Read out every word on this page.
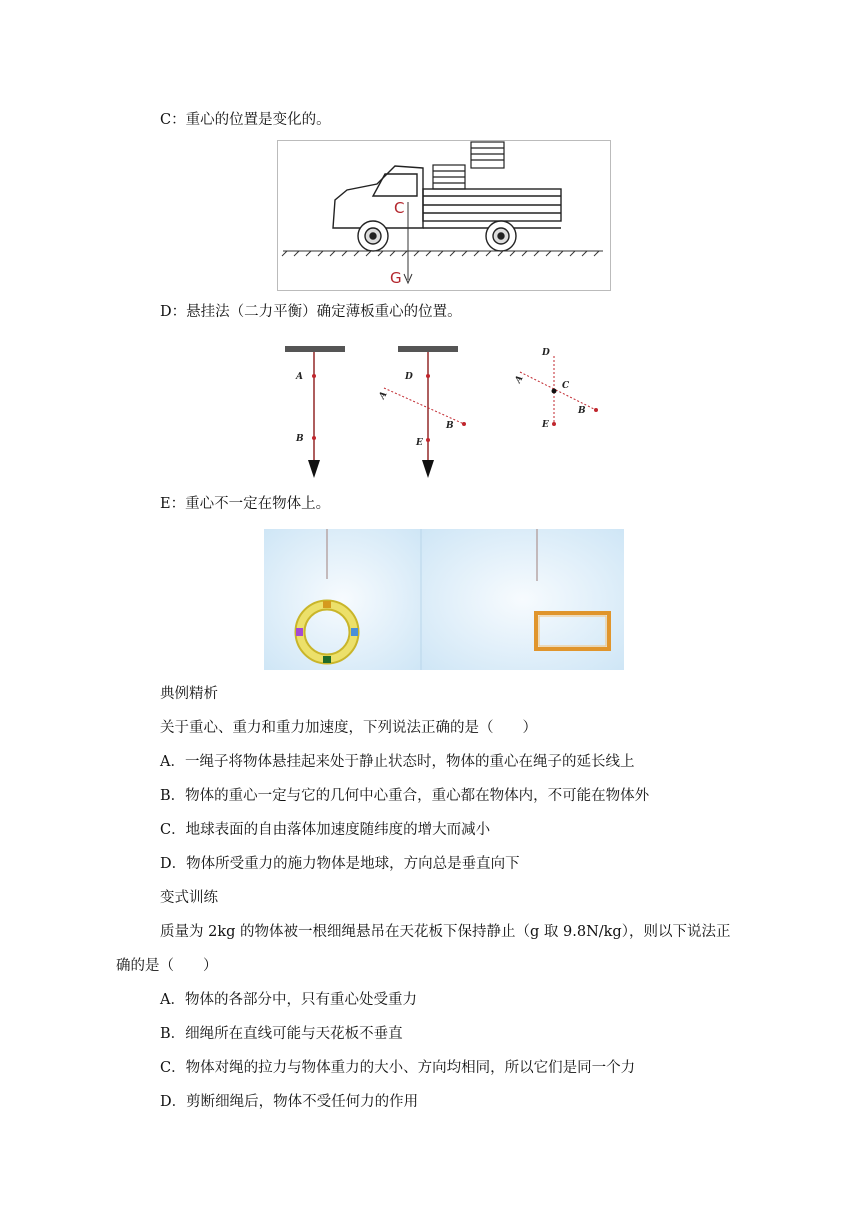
C：重心的位置是变化的。
C
G
D：悬挂法（二力平衡）确定薄板重心的位置。
A
B
A
B
D
E
A
B
C
D
E
E：重心不一定在物体上。
典例精析
关于重心、重力和重力加速度，下列说法正确的是（　　）
A．一绳子将物体悬挂起来处于静止状态时，物体的重心在绳子的延长线上
B．物体的重心一定与它的几何中心重合，重心都在物体内，不可能在物体外
C．地球表面的自由落体加速度随纬度的增大而减小
D．物体所受重力的施力物体是地球，方向总是垂直向下
变式训练
质量为 2kg 的物体被一根细绳悬吊在天花板下保持静止（g 取 9.8N/kg），则以下说法正
确的是（　　）
A．物体的各部分中，只有重心处受重力
B．细绳所在直线可能与天花板不垂直
C．物体对绳的拉力与物体重力的大小、方向均相同，所以它们是同一个力
D．剪断细绳后，物体不受任何力的作用
